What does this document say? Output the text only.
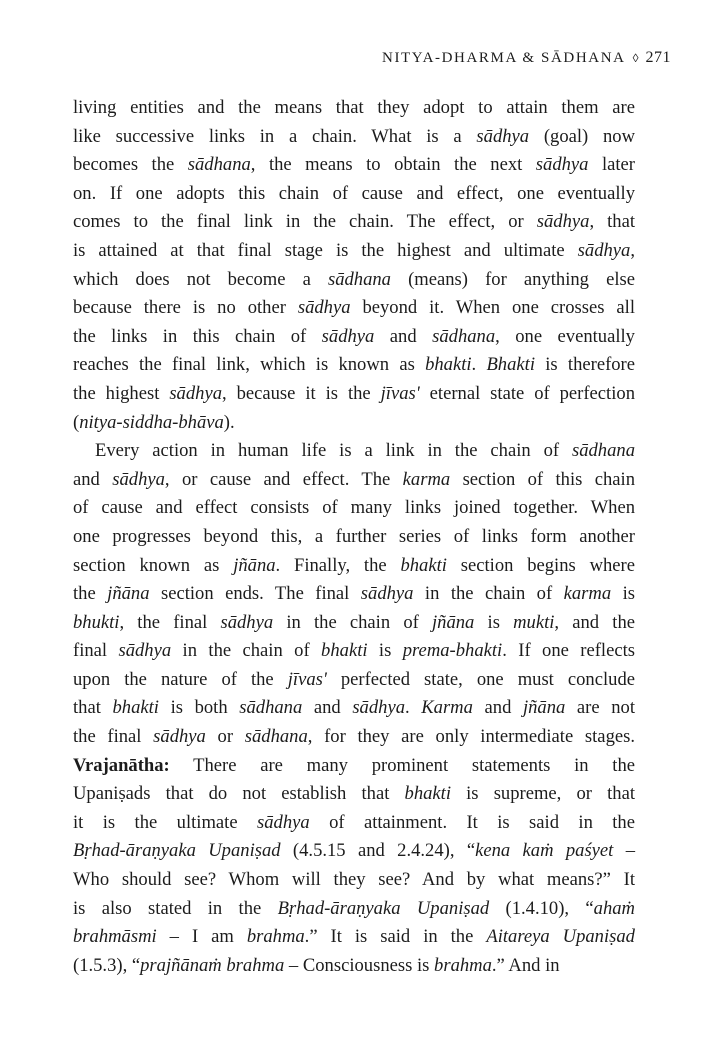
NITYA-DHARMA & SĀDHANA ◊ 271
living entities and the means that they adopt to attain them are
like successive links in a chain. What is a sādhya (goal) now
becomes the sādhana, the means to obtain the next sādhya later
on. If one adopts this chain of cause and effect, one eventually
comes to the final link in the chain. The effect, or sādhya, that
is attained at that final stage is the highest and ultimate sādhya,
which does not become a sādhana (means) for anything else
because there is no other sādhya beyond it. When one crosses all
the links in this chain of sādhya and sādhana, one eventually
reaches the final link, which is known as bhakti. Bhakti is therefore
the highest sādhya, because it is the jīvas' eternal state of perfection
(nitya-siddha-bhāva).
Every action in human life is a link in the chain of sādhana
and sādhya, or cause and effect. The karma section of this chain
of cause and effect consists of many links joined together. When
one progresses beyond this, a further series of links form another
section known as jñāna. Finally, the bhakti section begins where
the jñāna section ends. The final sādhya in the chain of karma is
bhukti, the final sādhya in the chain of jñāna is mukti, and the
final sādhya in the chain of bhakti is prema-bhakti. If one reflects
upon the nature of the jīvas' perfected state, one must conclude
that bhakti is both sādhana and sādhya. Karma and jñāna are not
the final sādhya or sādhana, for they are only intermediate stages.
Vrajanātha: There are many prominent statements in the
Upaniṣads that do not establish that bhakti is supreme, or that
it is the ultimate sādhya of attainment. It is said in the
Bṛhad-āraṇyaka Upaniṣad (4.5.15 and 2.4.24), “kena kaṁ paśyet –
Who should see? Whom will they see? And by what means?” It
is also stated in the Bṛhad-āraṇyaka Upaniṣad (1.4.10), “ahaṁ
brahmāsmi – I am brahma.” It is said in the Aitareya Upaniṣad
(1.5.3), “prajñānaṁ brahma – Consciousness is brahma.” And in
